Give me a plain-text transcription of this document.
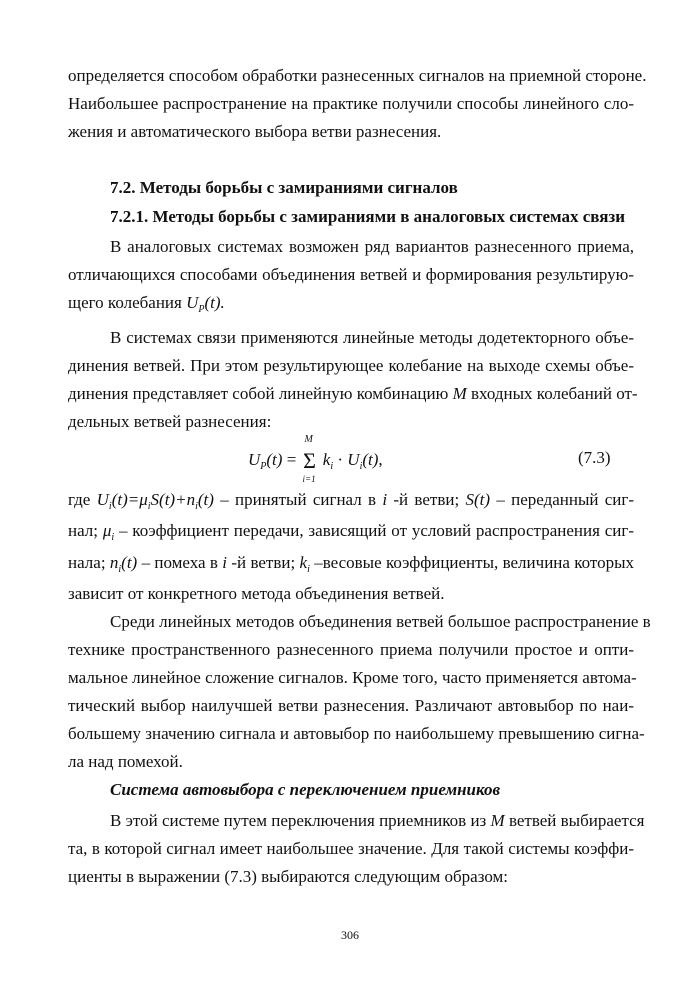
определяется способом обработки разнесенных сигналов на приемной стороне.
Наибольшее распространение на практике получили способы линейного сло-
жения и автоматического выбора ветви разнесения.
7.2. Методы борьбы с замираниями сигналов
7.2.1. Методы борьбы с замираниями в аналоговых системах связи
В аналоговых системах возможен ряд вариантов разнесенного приема,
отличающихся способами объединения ветвей и формирования результирую-
щего колебания $U_P(t)$.
В системах связи применяются линейные методы додетекторного объе-
динения ветвей. При этом результирующее колебание на выходе схемы объе-
динения представляет собой линейную комбинацию M входных колебаний от-
дельных ветвей разнесения:
$U_P(t)$ =
M
Σ
i=1
$k_i \cdot U_i(t)$,	(7.3)
где $U_i(t)=\mu_iS(t)+n_i(t)$ – принятый сигнал в i -й ветви; S(t) – переданный сиг-
нал; $\mu_i$ – коэффициент передачи, зависящий от условий распространения сиг-
нала; $n_i(t)$ – помеха в i -й ветви; $k_i$ –весовые коэффициенты, величина которых
зависит от конкретного метода объединения ветвей.
Среди линейных методов объединения ветвей большое распространение в
технике пространственного разнесенного приема получили простое и опти-
мальное линейное сложение сигналов. Кроме того, часто применяется автома-
тический выбор наилучшей ветви разнесения. Различают автовыбор по наи-
большему значению сигнала и автовыбор по наибольшему превышению сигна-
ла над помехой.
Система автовыбора с переключением приемников
В этой системе путем переключения приемников из M ветвей выбирается
та, в которой сигнал имеет наибольшее значение. Для такой системы коэффи-
циенты в выражении (7.3) выбираются следующим образом:
306
